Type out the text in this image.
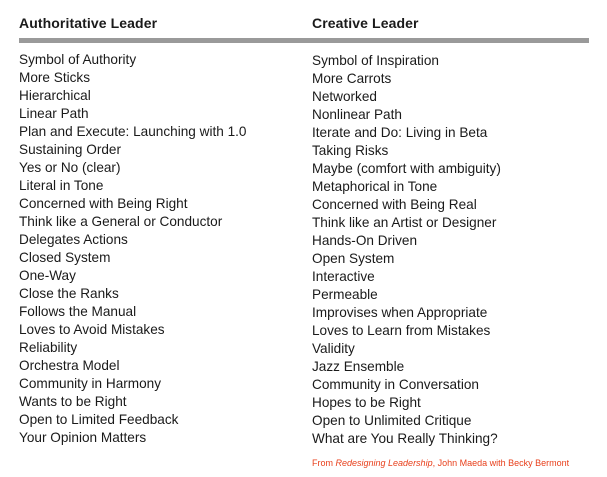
Authoritative Leader	Creative Leader
Symbol of Authority
More Sticks
Hierarchical
Linear Path
Plan and Execute: Launching with 1.0
Sustaining Order
Yes or No (clear)
Literal in Tone
Concerned with Being Right
Think like a General or Conductor
Delegates Actions
Closed System
One-Way
Close the Ranks
Follows the Manual
Loves to Avoid Mistakes
Reliability
Orchestra Model
Community in Harmony
Wants to be Right
Open to Limited Feedback
Your Opinion Matters
Symbol of Inspiration
More Carrots
Networked
Nonlinear Path
Iterate and Do: Living in Beta
Taking Risks
Maybe (comfort with ambiguity)
Metaphorical in Tone
Concerned with Being Real
Think like an Artist or Designer
Hands-On Driven
Open System
Interactive
Permeable
Improvises when Appropriate
Loves to Learn from Mistakes
Validity
Jazz Ensemble
Community in Conversation
Hopes to be Right
Open to Unlimited Critique
What are You Really Thinking?
From Redesigning Leadership, John Maeda with Becky Bermont
